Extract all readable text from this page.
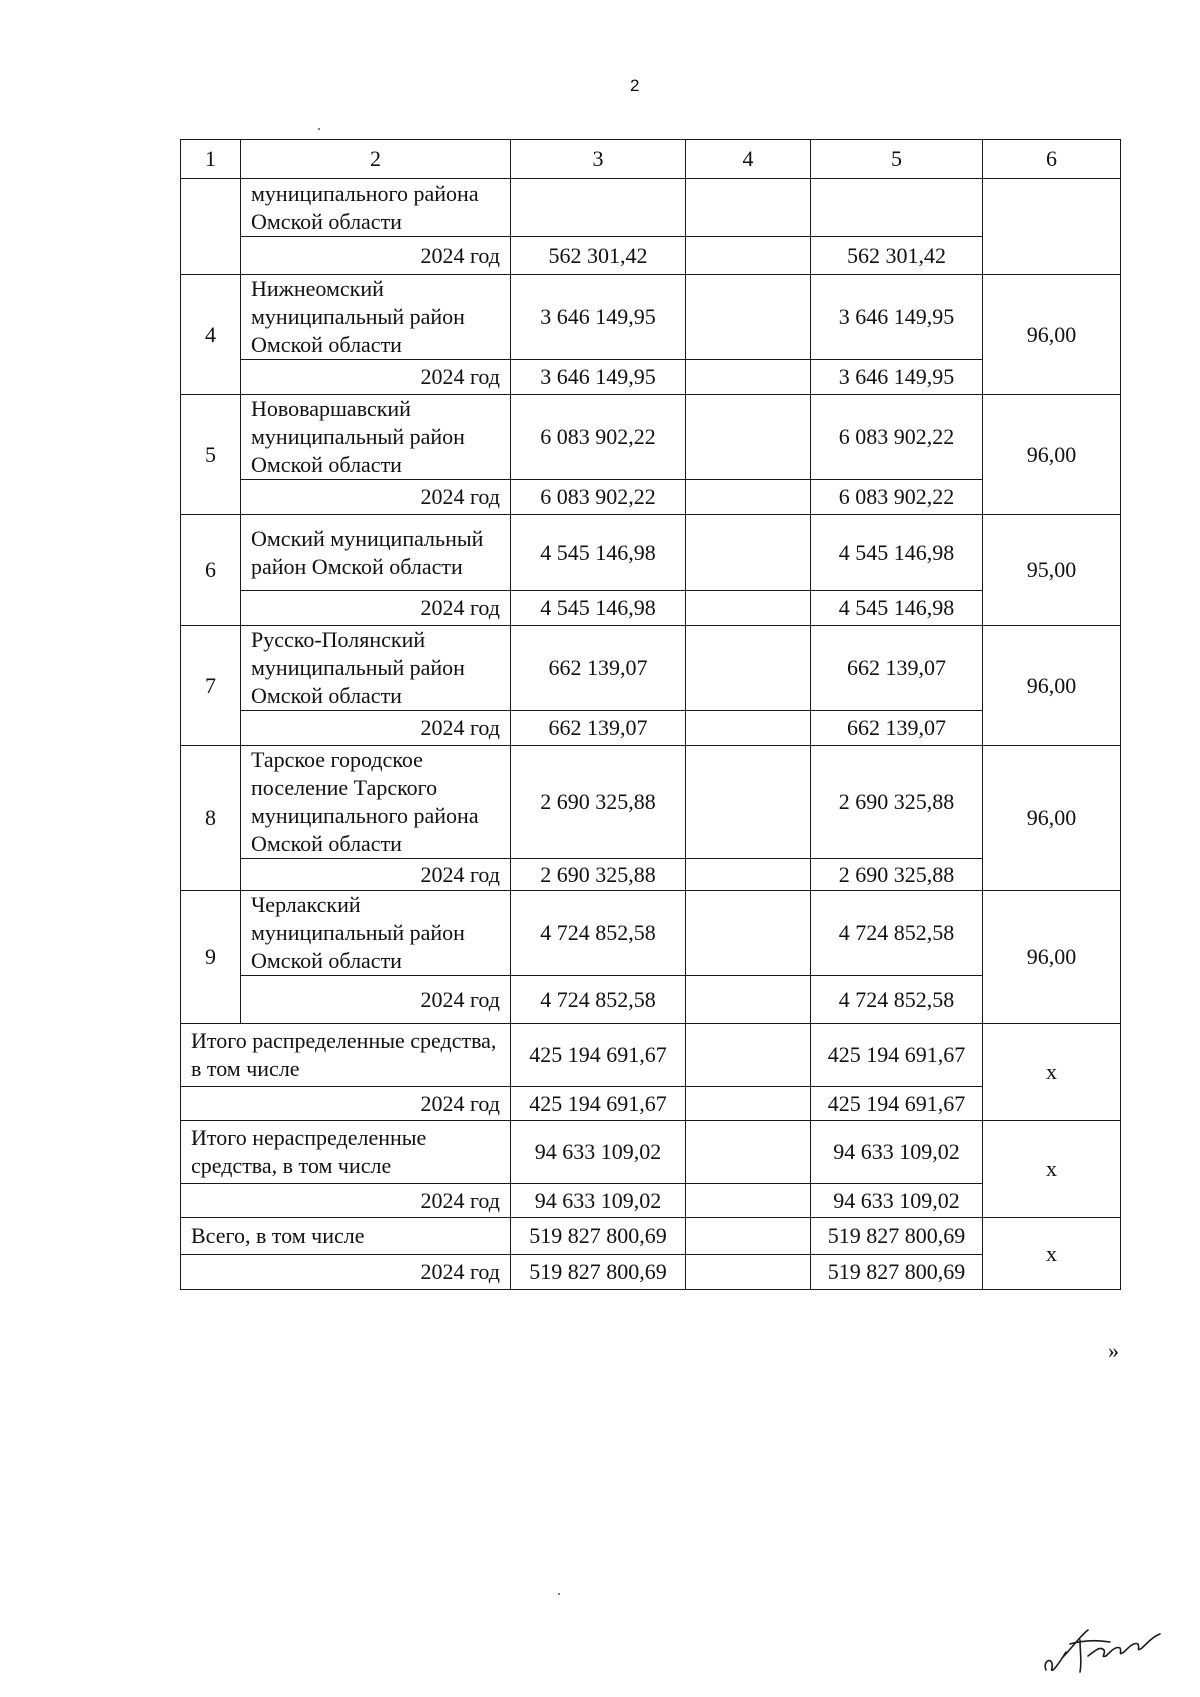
2
1	2	3	4	5	6
	муниципального района Омской области				
	2024 год	562 301,42		562 301,42	
4	Нижнеомский муниципальный район Омской области	3 646 149,95		3 646 149,95	96,00
	2024 год	3 646 149,95		3 646 149,95	
5	Нововаршавский муниципальный район Омской области	6 083 902,22		6 083 902,22	96,00
	2024 год	6 083 902,22		6 083 902,22	
6	Омский муниципальный район Омской области	4 545 146,98		4 545 146,98	95,00
	2024 год	4 545 146,98		4 545 146,98	
7	Русско-Полянский муниципальный район Омской области	662 139,07		662 139,07	96,00
	2024 год	662 139,07		662 139,07	
8	Тарское городское поселение Тарского муниципального района Омской области	2 690 325,88		2 690 325,88	96,00
	2024 год	2 690 325,88		2 690 325,88	
9	Черлакский муниципальный район Омской области	4 724 852,58		4 724 852,58	96,00
	2024 год	4 724 852,58		4 724 852,58	
Итого распределенные средства, в том числе		425 194 691,67		425 194 691,67	х
2024 год		425 194 691,67		425 194 691,67	
Итого нераспределенные средства, в том числе		94 633 109,02		94 633 109,02	х
2024 год		94 633 109,02		94 633 109,02	
Всего, в том числе		519 827 800,69		519 827 800,69	х
2024 год		519 827 800,69		519 827 800,69	
»
